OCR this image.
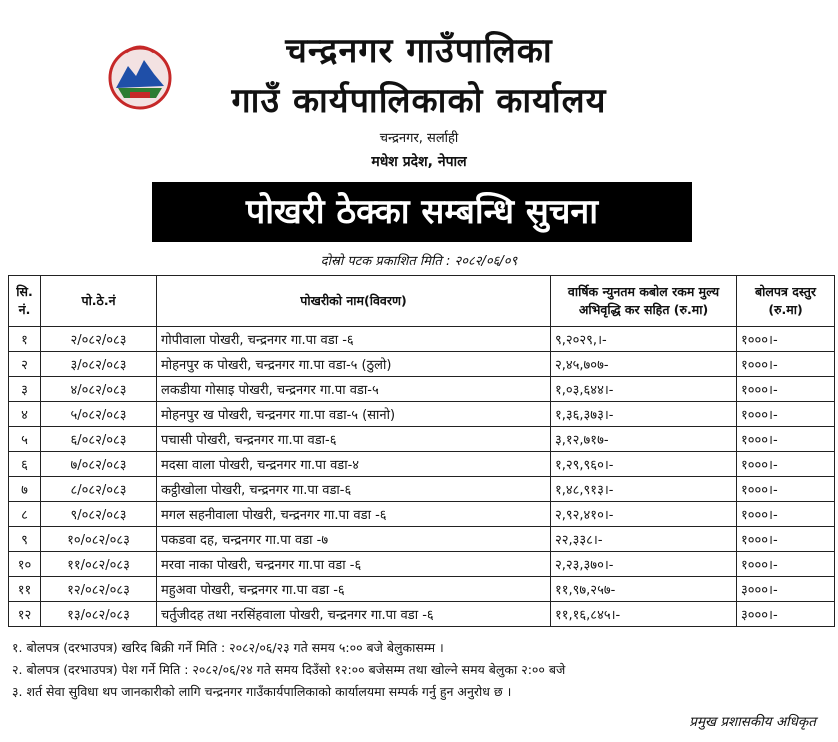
चन्द्रनगर गाउँपालिका
गाउँ कार्यपालिकाको कार्यालय
चन्द्रनगर, सर्लाही
मधेश प्रदेश, नेपाल
पोखरी ठेक्का सम्बन्धि सुचना
दोस्रो पटक प्रकाशित मिति : २०८२/०६/०९
सि. नं.	पो.ठे.नं	पोखरीको नाम(विवरण)	वार्षिक न्युनतम कबोल रकम मुल्य अभिवृद्धि कर सहित (रु.मा)	बोलपत्र दस्तुर (रु.मा)
१	२/०८२/०८३	गोपीवाला पोखरी, चन्द्रनगर गा.पा वडा -६	९,२०२९,।-	१०००।-
२	३/०८२/०८३	मोहनपुर क पोखरी, चन्द्रनगर गा.पा वडा-५ (ठुलो)	२,४५,७०७-	१०००।-
३	४/०८२/०८३	लकडीया गोसाइ पोखरी, चन्द्रनगर गा.पा वडा-५	१,०३,६४४।-	१०००।-
४	५/०८२/०८३	मोहनपुर ख पोखरी, चन्द्रनगर गा.पा वडा-५ (सानो)	१,३६,३७३।-	१०००।-
५	६/०८२/०८३	पचासी पोखरी, चन्द्रनगर गा.पा वडा-६	३,१२,७१७-	१०००।-
६	७/०८२/०८३	मदसा वाला पोखरी, चन्द्रनगर गा.पा वडा-४	१,२९,९६०।-	१०००।-
७	८/०८२/०८३	कट्ठीखोला पोखरी, चन्द्रनगर गा.पा वडा-६	१,४८,९१३।-	१०००।-
८	९/०८२/०८३	मगल सहनीवाला पोखरी, चन्द्रनगर गा.पा वडा -६	२,९२,४१०।-	१०००।-
९	१०/०८२/०८३	पकडवा दह, चन्द्रनगर गा.पा वडा -७	२२,३३८।-	१०००।-
१०	११/०८२/०८३	मरवा नाका पोखरी, चन्द्रनगर गा.पा वडा -६	२,२३,३७०।-	१०००।-
११	१२/०८२/०८३	महुअवा पोखरी, चन्द्रनगर गा.पा वडा -६	११,९७,२५७-	३०००।-
१२	१३/०८२/०८३	चर्तुजीदह तथा नरसिंहवाला पोखरी, चन्द्रनगर गा.पा वडा -६	११,१६,८४५।-	३०००।-
१. बोलपत्र (दरभाउपत्र) खरिद बिक्री गर्ने मिति : २०८२/०६/२३ गते समय ५:०० बजे बेलुकासम्म ।
२. बोलपत्र (दरभाउपत्र) पेश गर्ने मिति : २०८२/०६/२४ गते समय दिउँसो १२:०० बजेसम्म तथा खोल्ने समय बेलुका २:०० बजे
३. शर्त सेवा सुविधा थप जानकारीको लागि चन्द्रनगर गाउँकार्यपालिकाको कार्यालयमा सम्पर्क गर्नु हुन अनुरोध छ ।
प्रमुख प्रशासकीय अधिकृत
